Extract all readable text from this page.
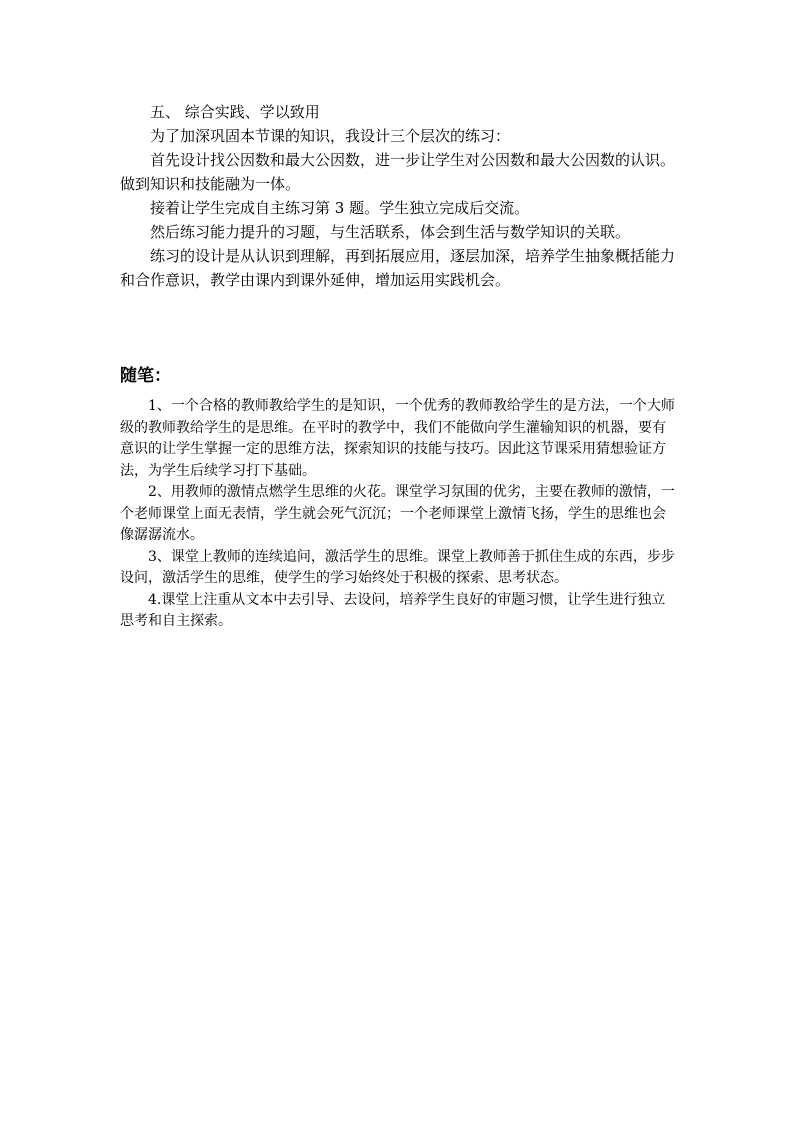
五、 综合实践、学以致用

为了加深巩固本节课的知识，我设计三个层次的练习：

首先设计找公因数和最大公因数，进一步让学生对公因数和最大公因数的认识。做到知识和技能融为一体。

接着让学生完成自主练习第 3 题。学生独立完成后交流。

然后练习能力提升的习题，与生活联系，体会到生活与数学知识的关联。

练习的设计是从认识到理解，再到拓展应用，逐层加深，培养学生抽象概括能力和合作意识，教学由课内到课外延伸，增加运用实践机会。

随笔：

1、一个合格的教师教给学生的是知识，一个优秀的教师教给学生的是方法，一个大师级的教师教给学生的是思维。在平时的教学中，我们不能做向学生灌输知识的机器，要有意识的让学生掌握一定的思维方法，探索知识的技能与技巧。因此这节课采用猜想验证方法，为学生后续学习打下基础。

2、用教师的激情点燃学生思维的火花。课堂学习氛围的优劣，主要在教师的激情，一个老师课堂上面无表情，学生就会死气沉沉；一个老师课堂上激情飞扬，学生的思维也会像潺潺流水。

3、课堂上教师的连续追问，激活学生的思维。课堂上教师善于抓住生成的东西，步步设问，激活学生的思维，使学生的学习始终处于积极的探索、思考状态。

4.课堂上注重从文本中去引导、去设问，培养学生良好的审题习惯，让学生进行独立思考和自主探索。
